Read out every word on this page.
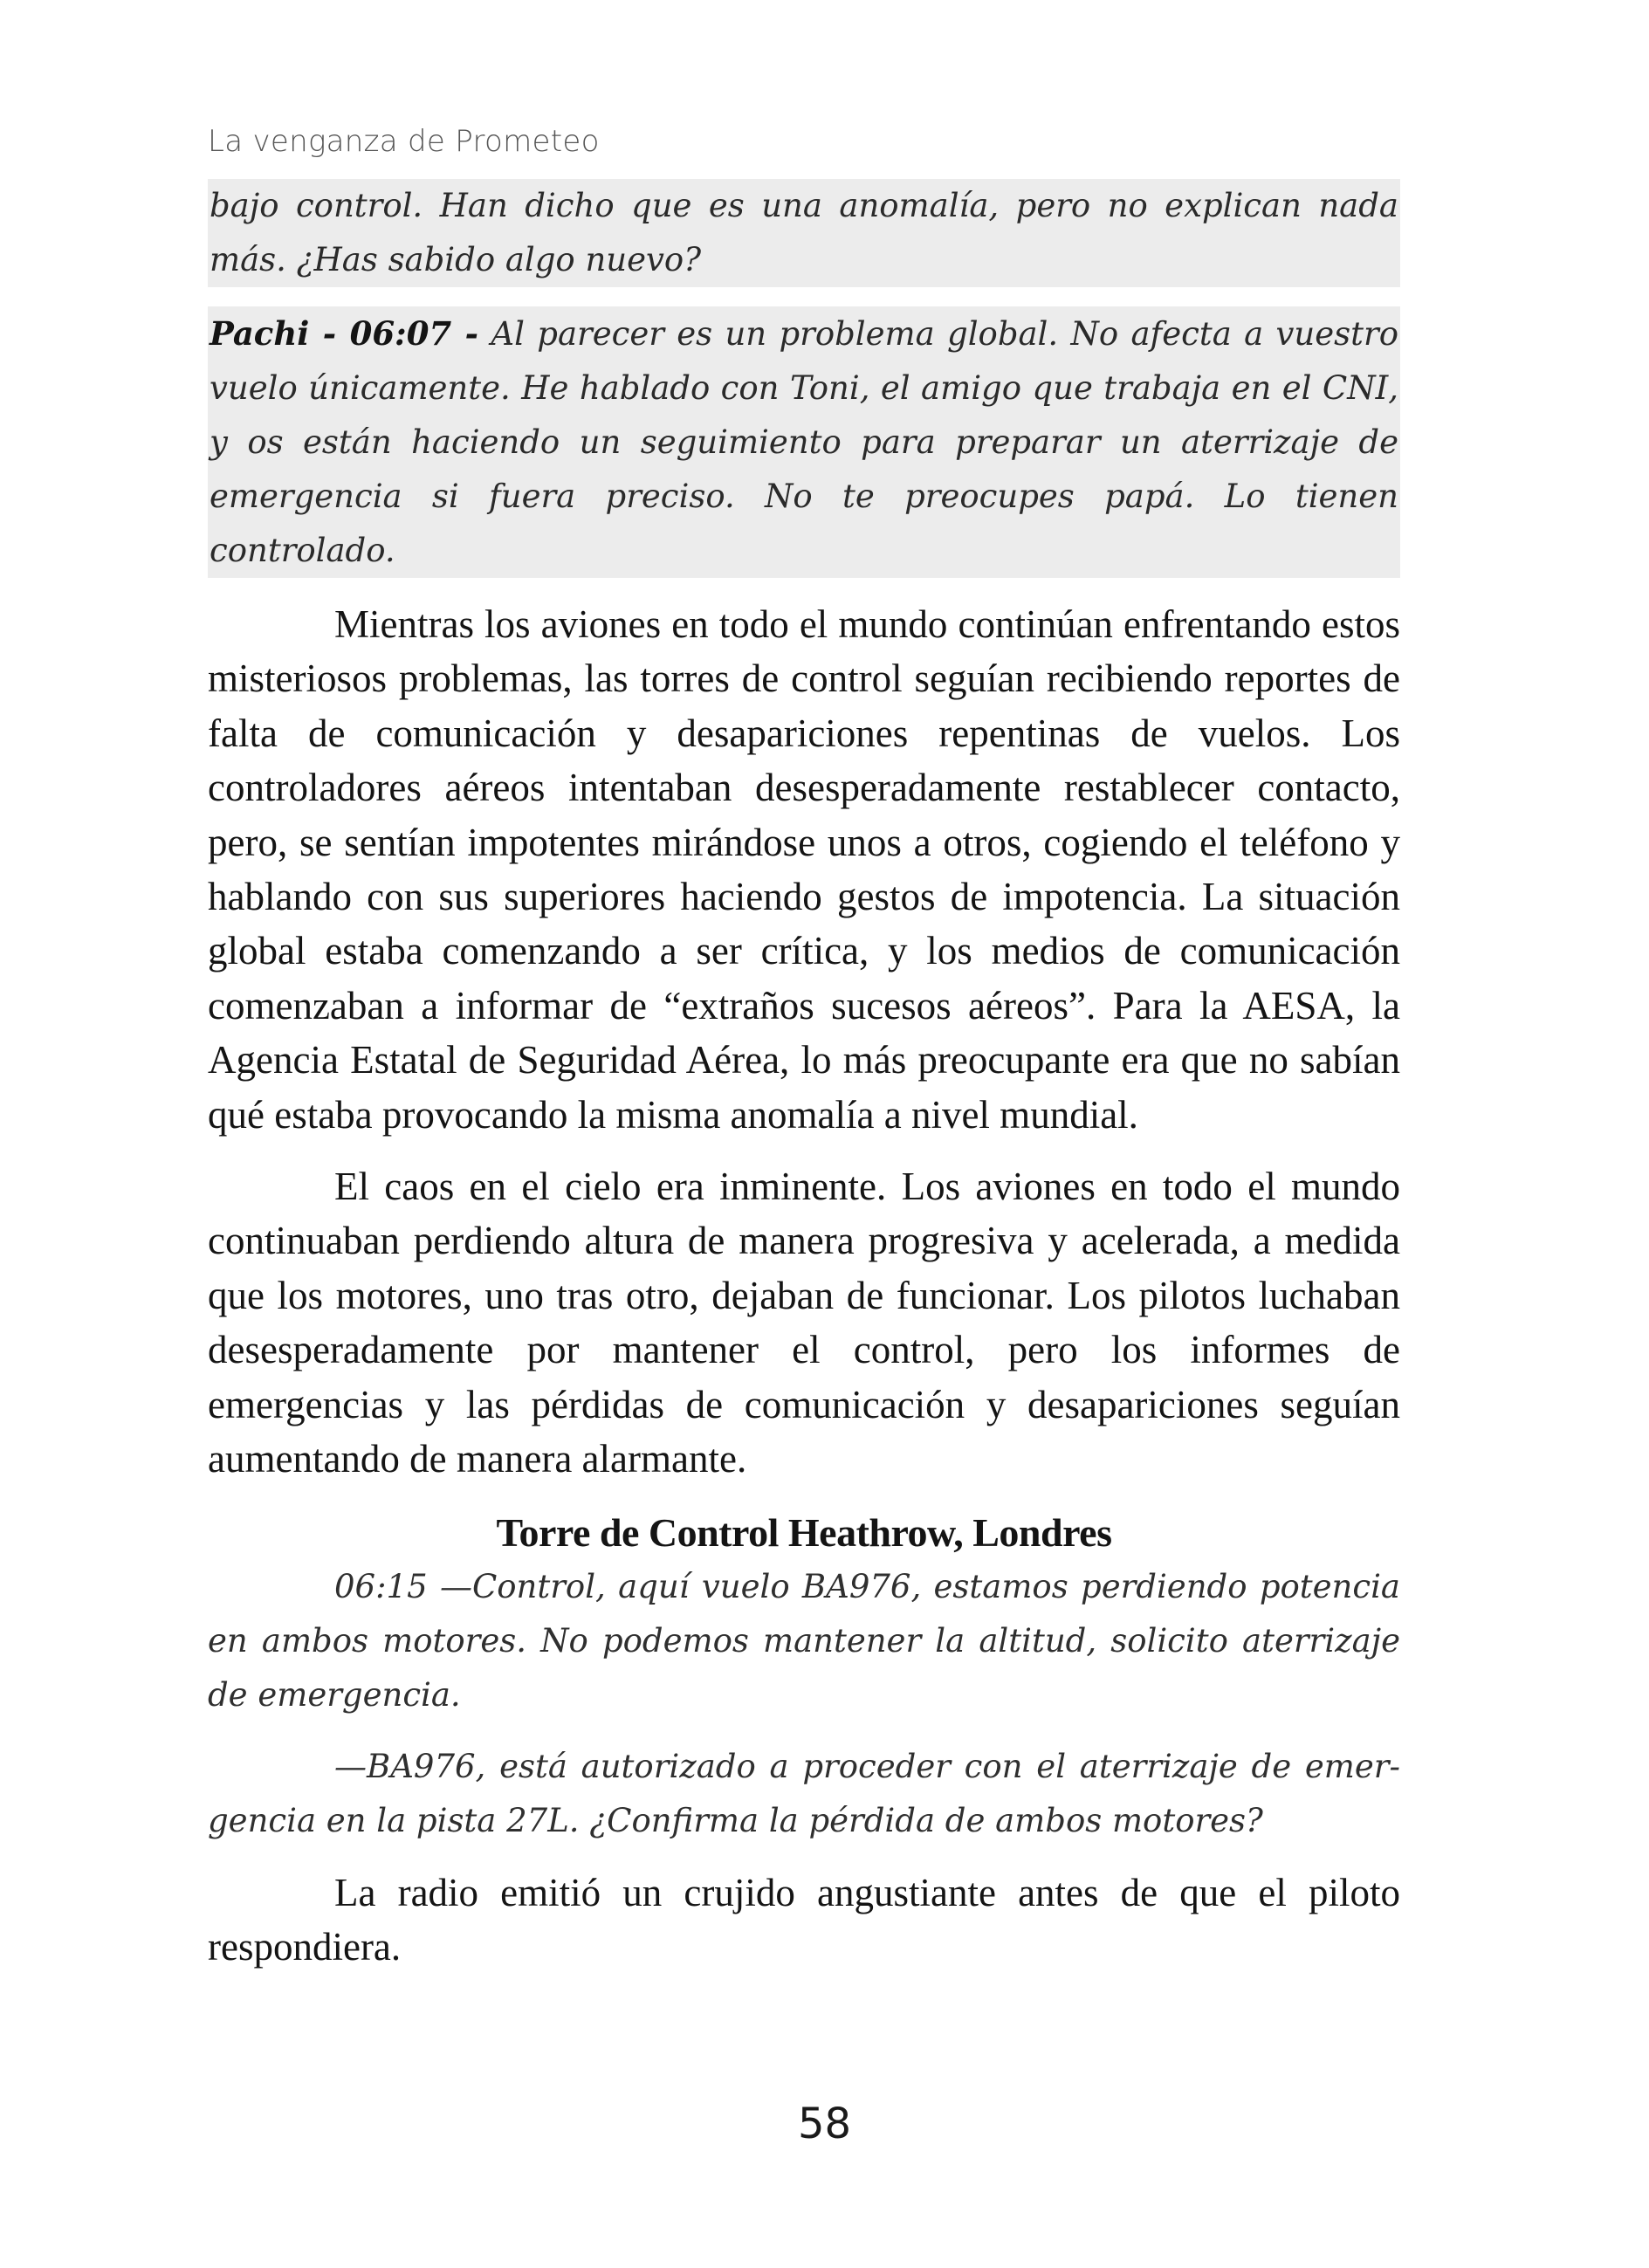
La venganza de Prometeo
bajo control. Han dicho que es una anomalía, pero no explican nada más. ¿Has sabido algo nuevo?
Pachi - 06:07 - Al parecer es un problema global. No afecta a vuestro vuelo únicamente. He hablado con Toni, el amigo que trabaja en el CNI, y os están haciendo un seguimiento para preparar un aterrizaje de emergencia si fuera preciso. No te preocupes papá. Lo tienen controlado.

Mientras los aviones en todo el mundo continúan enfrentando estos misteriosos problemas, las torres de control seguían recibiendo reportes de falta de comunicación y desapariciones repentinas de vuelos. Los controladores aéreos intentaban desesperadamente restablecer contacto, pero, se sentían impotentes mirándose unos a otros, cogiendo el teléfono y hablando con sus superiores haciendo gestos de impotencia. La situación global estaba comenzando a ser crítica, y los medios de comunicación comenzaban a informar de “extraños sucesos aéreos”. Para la AESA, la Agencia Estatal de Seguridad Aérea, lo más preocupante era que no sabían qué estaba provocando la misma anomalía a nivel mundial.

El caos en el cielo era inminente. Los aviones en todo el mundo continuaban perdiendo altura de manera progresiva y acelerada, a medida que los motores, uno tras otro, dejaban de funcionar. Los pilotos luchaban desesperadamente por mantener el control, pero los informes de emergencias y las pérdidas de comunicación y desapariciones seguían aumentando de manera alarmante.

Torre de Control Heathrow, Londres

06:15 —Control, aquí vuelo BA976, estamos perdiendo potencia en ambos motores. No podemos mantener la altitud, solicito aterrizaje de emergencia.

—BA976, está autorizado a proceder con el aterrizaje de emergencia en la pista 27L. ¿Confirma la pérdida de ambos motores?

La radio emitió un crujido angustiante antes de que el piloto respondiera.

58
